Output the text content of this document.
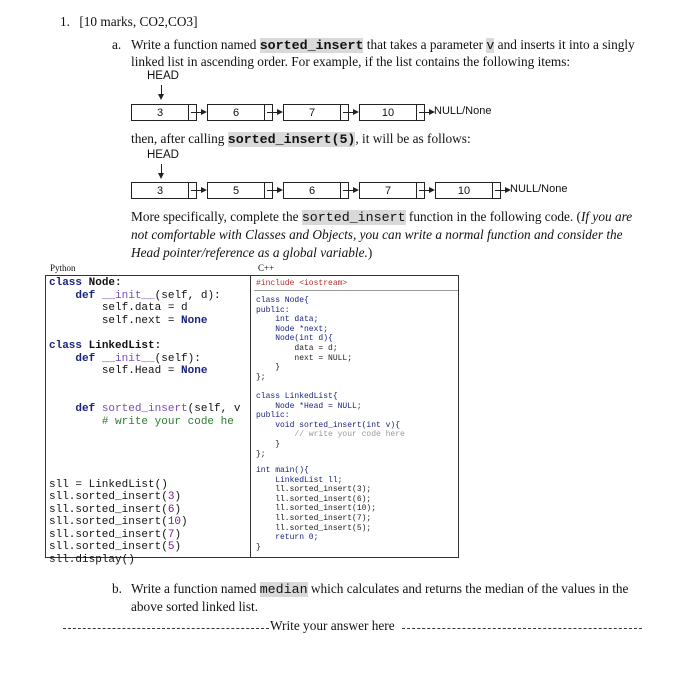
1. [10 marks, CO2,CO3]
a. Write a function named sorted_insert that takes a parameter v and inserts it into a singly
linked list in ascending order. For example, if the list contains the following items:
HEAD
then, after calling sorted_insert(5), it will be as follows:
HEAD
More specifically, complete the sorted_insert function in the following code. (If you are
not comfortable with Classes and Objects, you can write a normal function and consider the
Head pointer/reference as a global variable.)
Python	C++
class Node:
def __init__(self, d):
self.data = d
self.next = None

class LinkedList:
def __init__(self):
self.Head = None

def sorted_insert(self, v
# write your code he

sll = LinkedList()
sll.sorted_insert(3)
sll.sorted_insert(6)
sll.sorted_insert(10)
sll.sorted_insert(7)
sll.sorted_insert(5)
sll.display()
#include <iostream>
class Node{
public:
int data;
Node *next;
Node(int d){
data = d;
next = NULL;
}
};
class LinkedList{
Node *Head = NULL;
public:
void sorted_insert(int v){
// write your code here
}
};
int main(){
LinkedList ll;
ll.sorted_insert(3);
ll.sorted_insert(6);
ll.sorted_insert(10);
ll.sorted_insert(7);
ll.sorted_insert(5);
return 0;
}
b. Write a function named median which calculates and returns the median of the values in the
above sorted linked list.
Write your answer here
3	6	7	10	NULL/None
3	5	6	7	10	NULL/None
